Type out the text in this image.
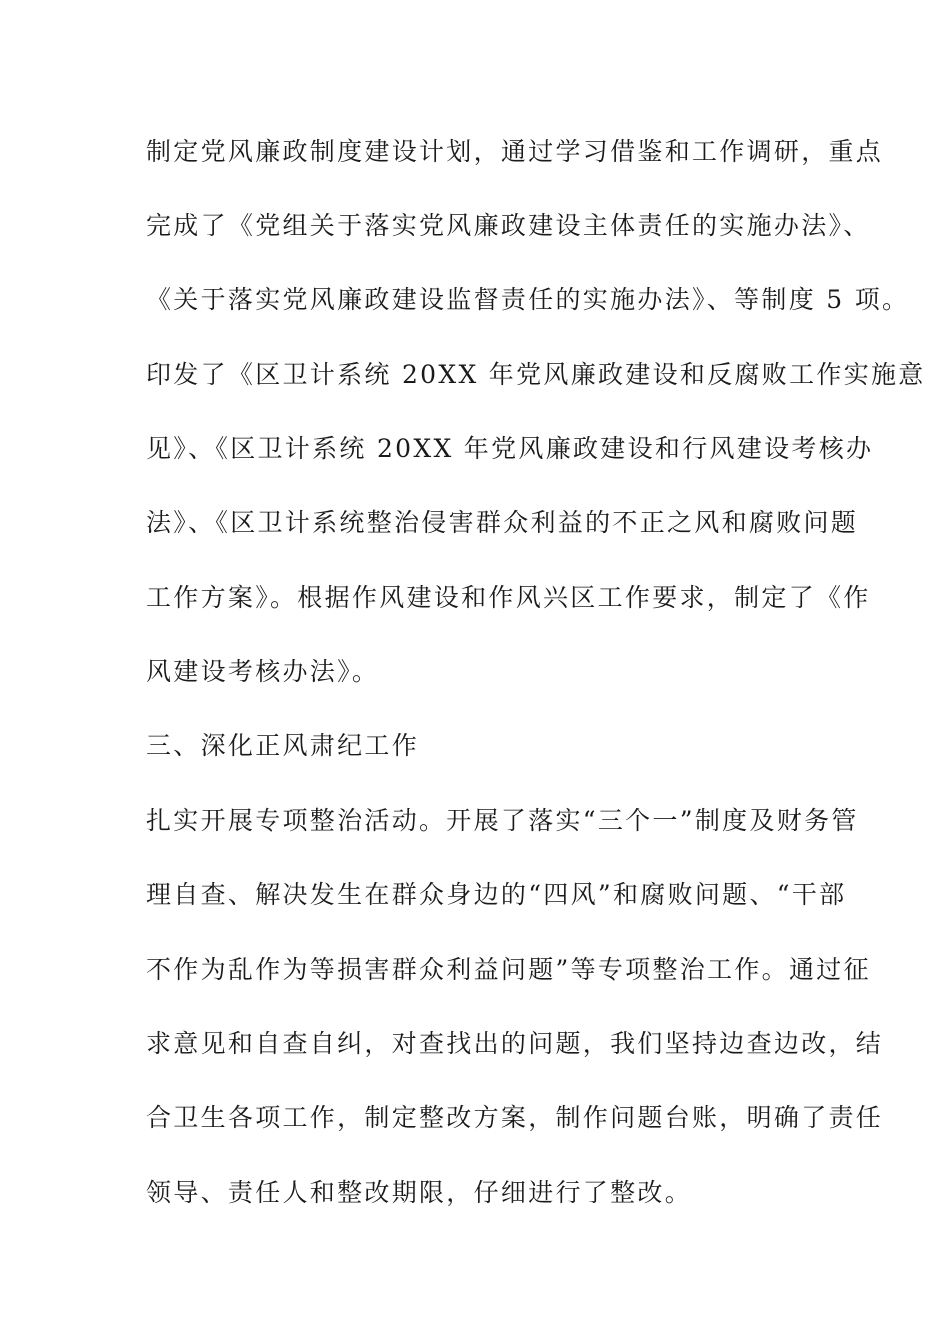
制定党风廉政制度建设计划，通过学习借鉴和工作调研，重点
完成了《党组关于落实党风廉政建设主体责任的实施办法》、
《关于落实党风廉政建设监督责任的实施办法》、等制度 5 项。
印发了《区卫计系统 20XX 年党风廉政建设和反腐败工作实施意
见》、《区卫计系统 20XX 年党风廉政建设和行风建设考核办
法》、《区卫计系统整治侵害群众利益的不正之风和腐败问题
工作方案》。根据作风建设和作风兴区工作要求，制定了《作
风建设考核办法》。
三、深化正风肃纪工作
扎实开展专项整治活动。开展了落实“三个一”制度及财务管
理自查、解决发生在群众身边的“四风”和腐败问题、“干部
不作为乱作为等损害群众利益问题”等专项整治工作。通过征
求意见和自查自纠，对查找出的问题，我们坚持边查边改，结
合卫生各项工作，制定整改方案，制作问题台账，明确了责任
领导、责任人和整改期限，仔细进行了整改。
